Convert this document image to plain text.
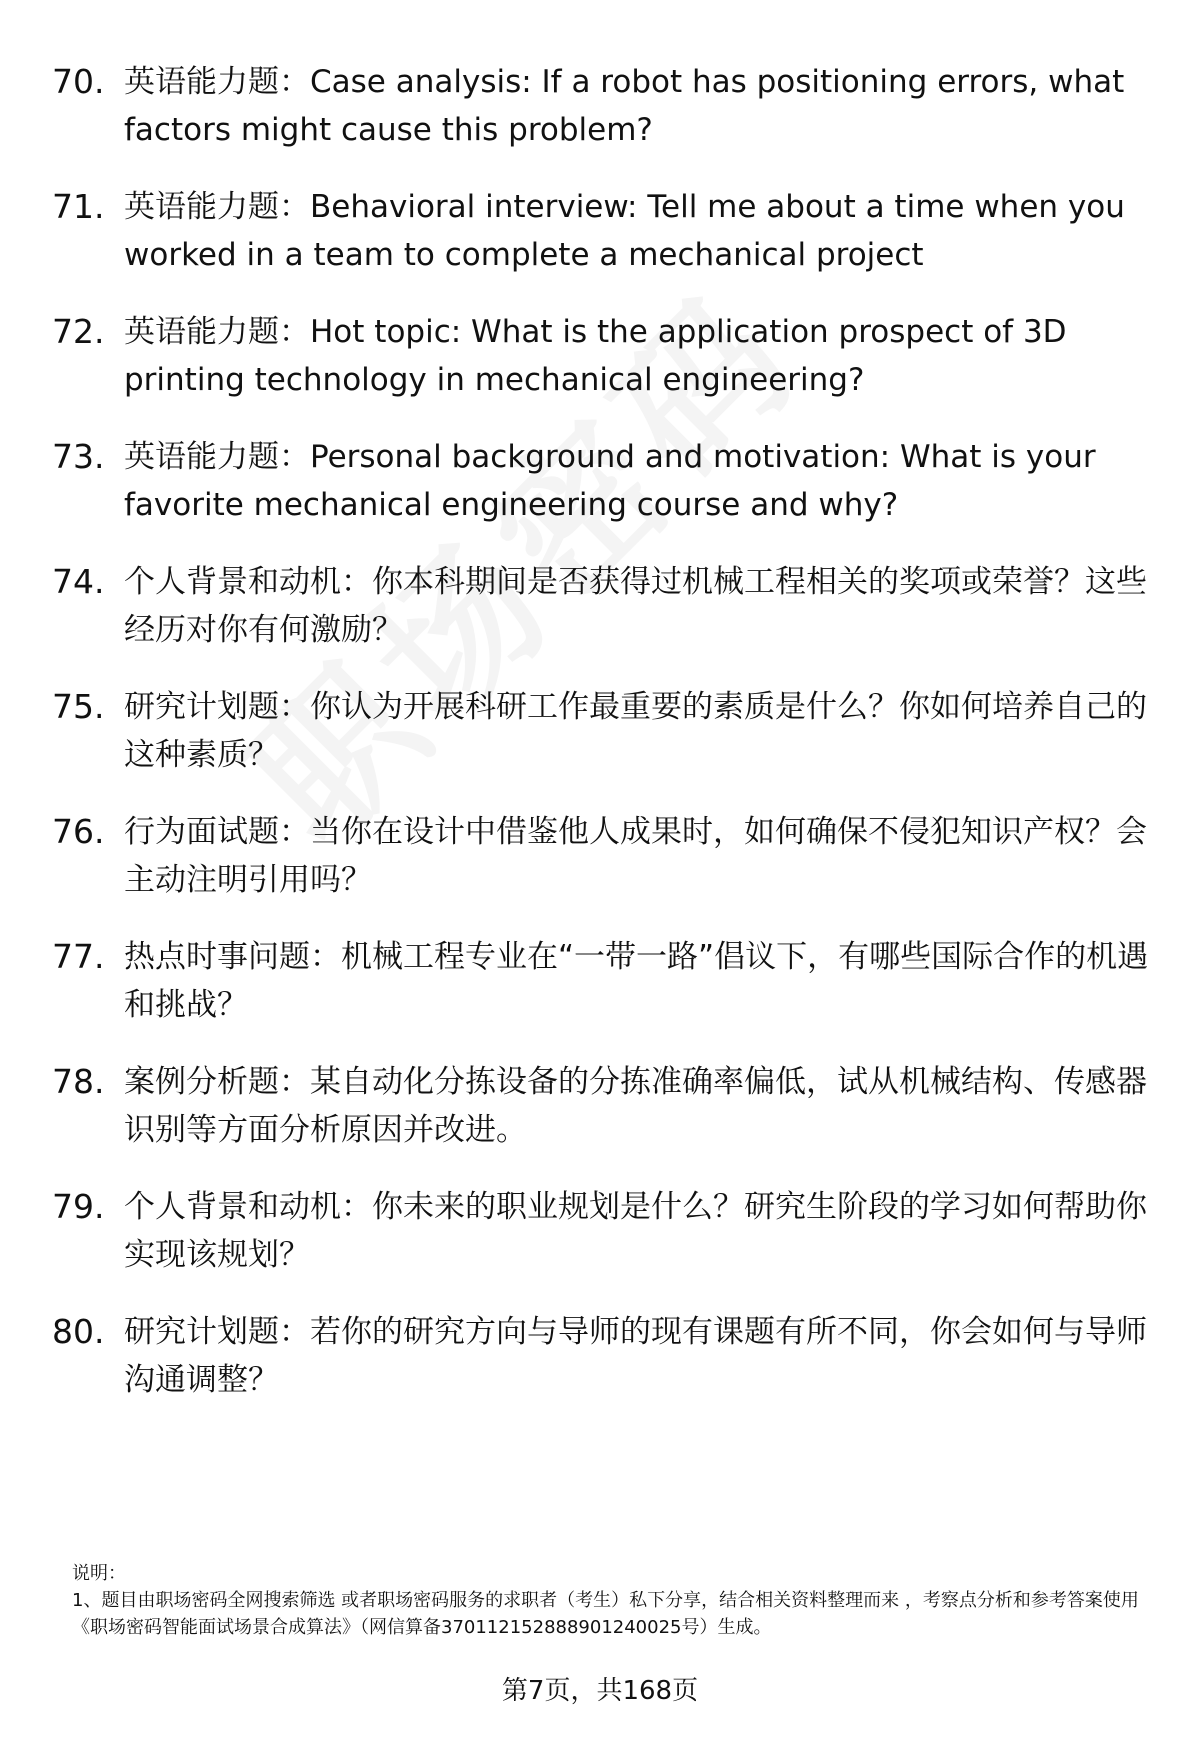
70. 英语能力题：Case analysis: If a robot has positioning errors, what factors might cause this problem?
71. 英语能力题：Behavioral interview: Tell me about a time when you worked in a team to complete a mechanical project
72. 英语能力题：Hot topic: What is the application prospect of 3D printing technology in mechanical engineering?
73. 英语能力题：Personal background and motivation: What is your favorite mechanical engineering course and why?
74. 个人背景和动机：你本科期间是否获得过机械工程相关的奖项或荣誉？这些经历对你有何激励？
75. 研究计划题：你认为开展科研工作最重要的素质是什么？你如何培养自己的这种素质？
76. 行为面试题：当你在设计中借鉴他人成果时，如何确保不侵犯知识产权？会主动注明引用吗？
77. 热点时事问题：机械工程专业在“一带一路”倡议下，有哪些国际合作的机遇和挑战？
78. 案例分析题：某自动化分拣设备的分拣准确率偏低，试从机械结构、传感器识别等方面分析原因并改进。
79. 个人背景和动机：你未来的职业规划是什么？研究生阶段的学习如何帮助你实现该规划？
80. 研究计划题：若你的研究方向与导师的现有课题有所不同，你会如何与导师沟通调整？
说明：
1、题目由职场密码全网搜索筛选 或者职场密码服务的求职者（考生）私下分享，结合相关资料整理而来 ，考察点分析和参考答案使用《职场密码智能面试场景合成算法》（网信算备370112152888901240025号）生成。
第7页，共168页
